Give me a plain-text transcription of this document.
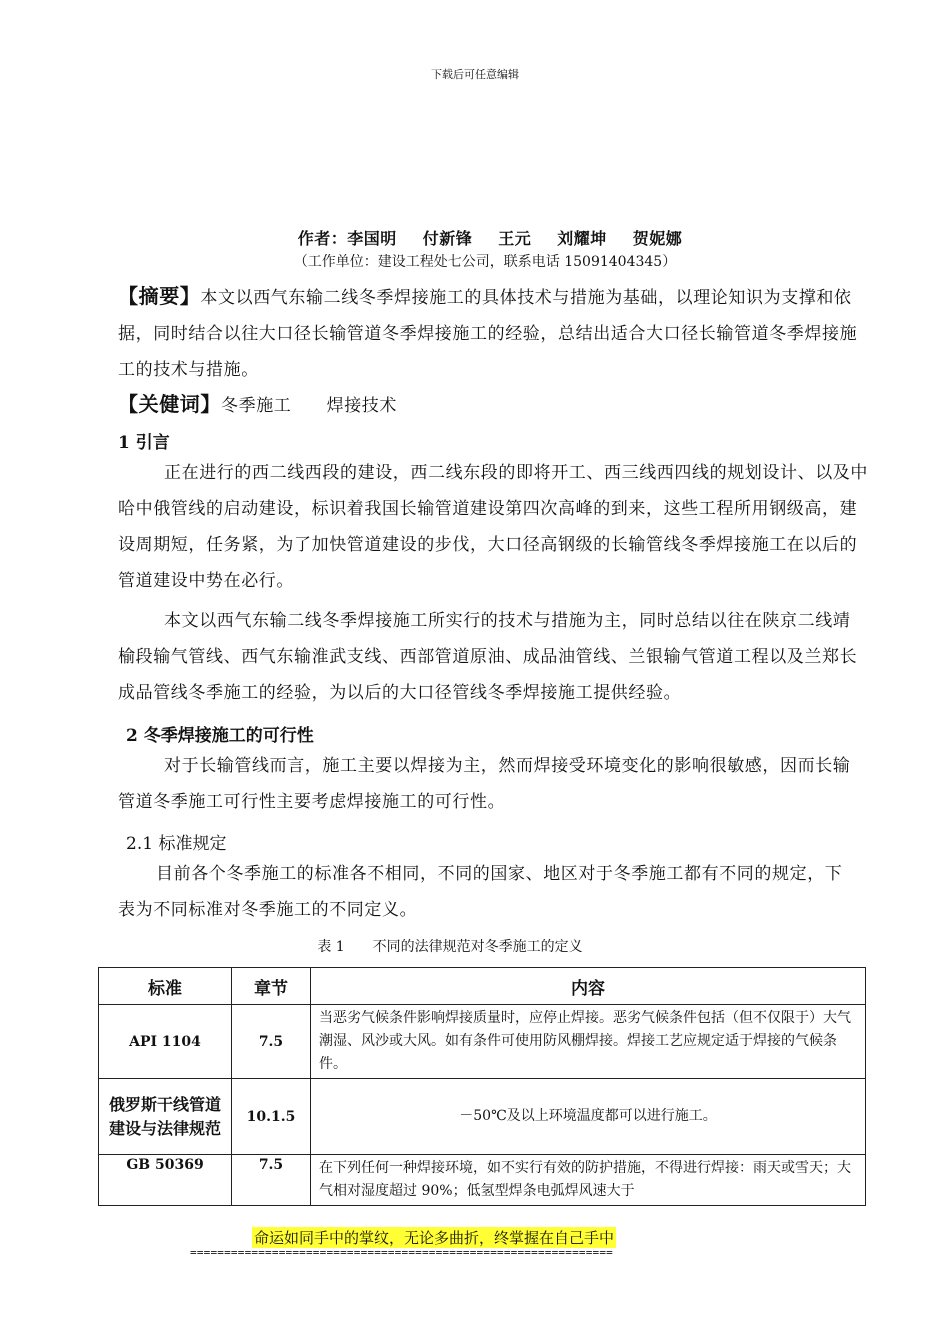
下载后可任意编辑
作者：李国明 付新锋 王元 刘耀坤 贺妮娜
（工作单位：建设工程处七公司，联系电话 15091404345）
【摘要】本文以西气东输二线冬季焊接施工的具体技术与措施为基础，以理论知识为支撑和依据，同时结合以往大口径长输管道冬季焊接施工的经验，总结出适合大口径长输管道冬季焊接施工的技术与措施。
【关健词】冬季施工　　焊接技术
1 引言
正在进行的西二线西段的建设，西二线东段的即将开工、西三线西四线的规划设计、以及中哈中俄管线的启动建设，标识着我国长输管道建设第四次高峰的到来，这些工程所用钢级高，建设周期短，任务紧，为了加快管道建设的步伐，大口径高钢级的长输管线冬季焊接施工在以后的管道建设中势在必行。
本文以西气东输二线冬季焊接施工所实行的技术与措施为主，同时总结以往在陕京二线靖榆段输气管线、西气东输淮武支线、西部管道原油、成品油管线、兰银输气管道工程以及兰郑长成品管线冬季施工的经验，为以后的大口径管线冬季焊接施工提供经验。
2 冬季焊接施工的可行性
对于长输管线而言，施工主要以焊接为主，然而焊接受环境变化的影响很敏感，因而长输管道冬季施工可行性主要考虑焊接施工的可行性。
2.1 标准规定
目前各个冬季施工的标准各不相同，不同的国家、地区对于冬季施工都有不同的规定，下表为不同标准对冬季施工的不同定义。
表 1　　不同的法律规范对冬季施工的定义
标准	章节	内容
API 1104	7.5	当恶劣气候条件影响焊接质量时，应停止焊接。恶劣气候条件包括（但不仅限于）大气潮湿、风沙或大风。如有条件可使用防风棚焊接。焊接工艺应规定适于焊接的气候条件。
俄罗斯干线管道建设与法律规范	10.1.5	－50℃及以上环境温度都可以进行施工。
GB 50369	7.5	在下列任何一种焊接环境，如不实行有效的防护措施，不得进行焊接：雨天或雪天；大气相对湿度超过 90%；低氢型焊条电弧焊风速大于
命运如同手中的掌纹，无论多曲折，终掌握在自己手中
==============================================================
